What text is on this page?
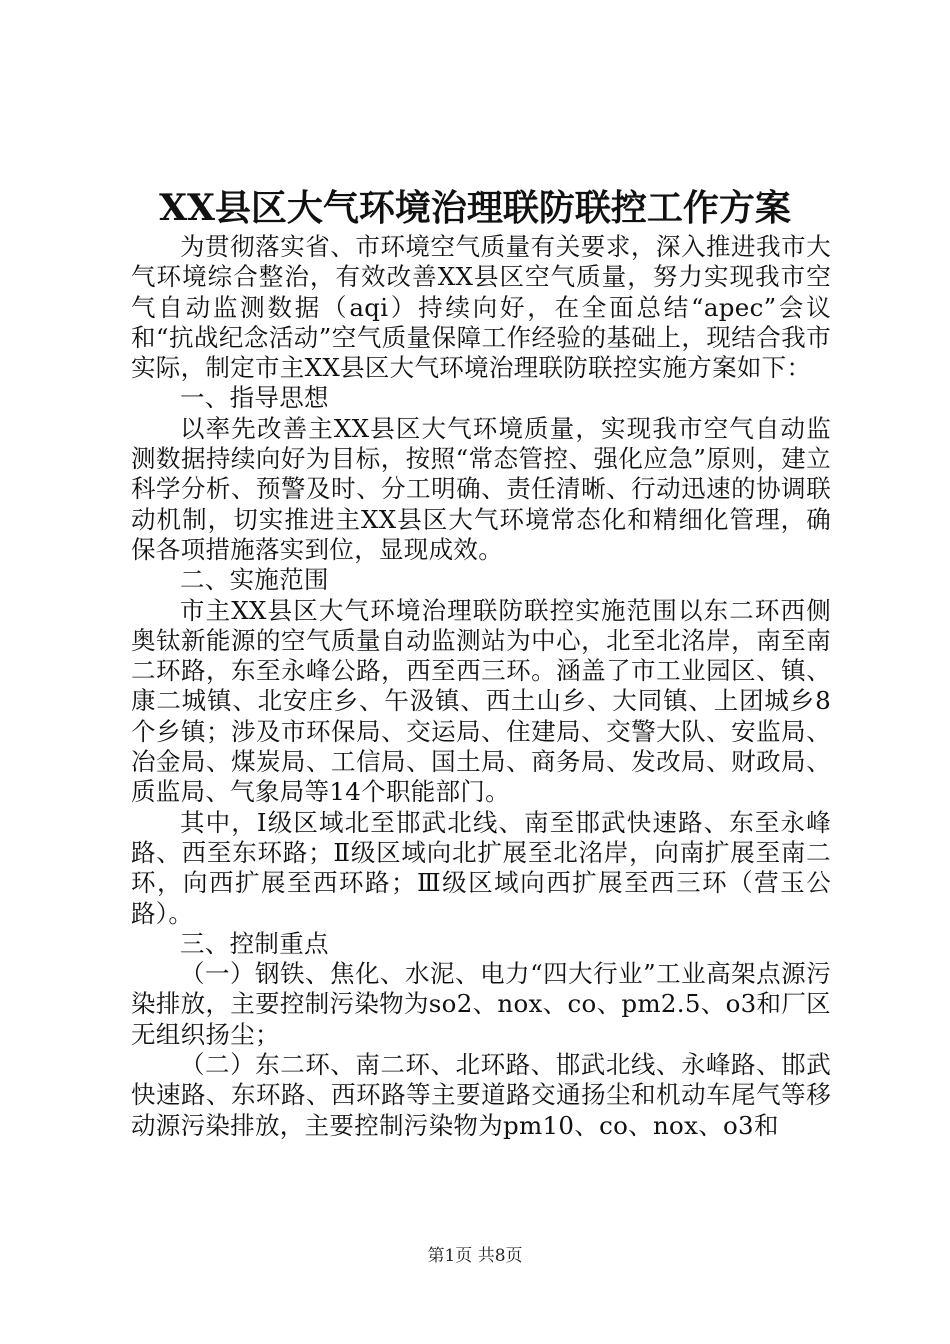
XX县区大气环境治理联防联控工作方案

为贯彻落实省、市环境空气质量有关要求，深入推进我市大气环境综合整治，有效改善XX县区空气质量，努力实现我市空气自动监测数据（aqi）持续向好，在全面总结“apec”会议和“抗战纪念活动”空气质量保障工作经验的基础上，现结合我市实际，制定市主XX县区大气环境治理联防联控实施方案如下：

一、指导思想

以率先改善主XX县区大气环境质量，实现我市空气自动监测数据持续向好为目标，按照“常态管控、强化应急”原则，建立科学分析、预警及时、分工明确、责任清晰、行动迅速的协调联动机制，切实推进主XX县区大气环境常态化和精细化管理，确保各项措施落实到位，显现成效。

二、实施范围

市主XX县区大气环境治理联防联控实施范围以东二环西侧奥钛新能源的空气质量自动监测站为中心，北至北洺岸，南至南二环路，东至永峰公路，西至西三环。涵盖了市工业园区、镇、康二城镇、北安庄乡、午汲镇、西土山乡、大同镇、上团城乡8个乡镇；涉及市环保局、交运局、住建局、交警大队、安监局、冶金局、煤炭局、工信局、国土局、商务局、发改局、财政局、质监局、气象局等14个职能部门。

其中，Ⅰ级区域北至邯武北线、南至邯武快速路、东至永峰路、西至东环路；Ⅱ级区域向北扩展至北洺岸，向南扩展至南二环，向西扩展至西环路；Ⅲ级区域向西扩展至西三环（营玉公路）。

三、控制重点

（一）钢铁、焦化、水泥、电力“四大行业”工业高架点源污染排放，主要控制污染物为so2、nox、co、pm2.5、o3和厂区无组织扬尘；

（二）东二环、南二环、北环路、邯武北线、永峰路、邯武快速路、东环路、西环路等主要道路交通扬尘和机动车尾气等移动源污染排放，主要控制污染物为pm10、co、nox、o3和

第1页 共8页
